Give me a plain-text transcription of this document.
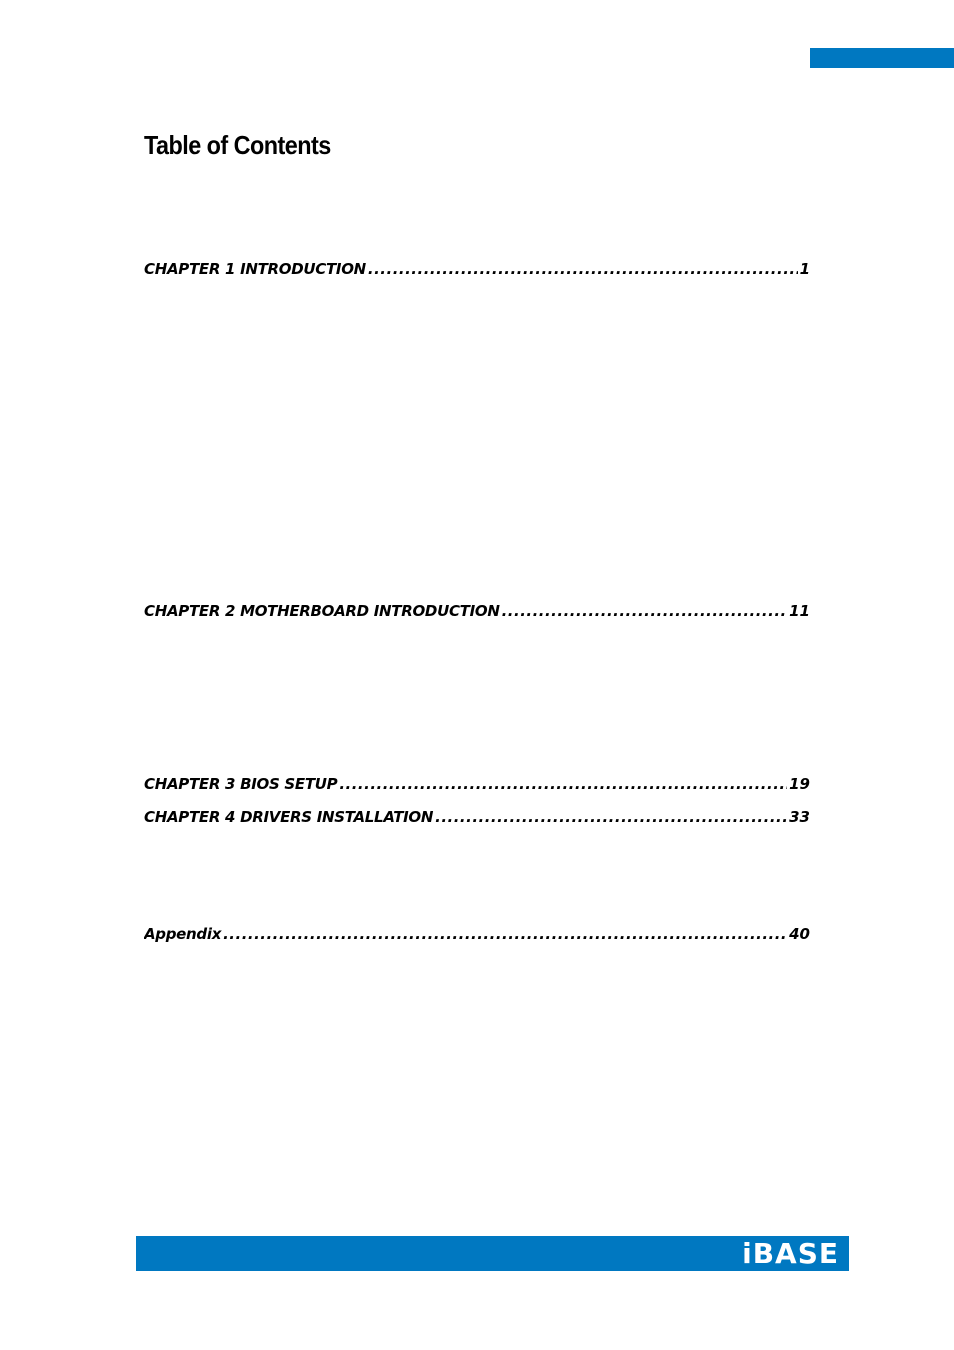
Table of Contents
CHAPTER 1 INTRODUCTION .....	1
CHAPTER 2 MOTHERBOARD INTRODUCTION .....	11
CHAPTER 3 BIOS SETUP .....	19
CHAPTER 4 DRIVERS INSTALLATION .....	33
Appendix .....	40
iBASE
